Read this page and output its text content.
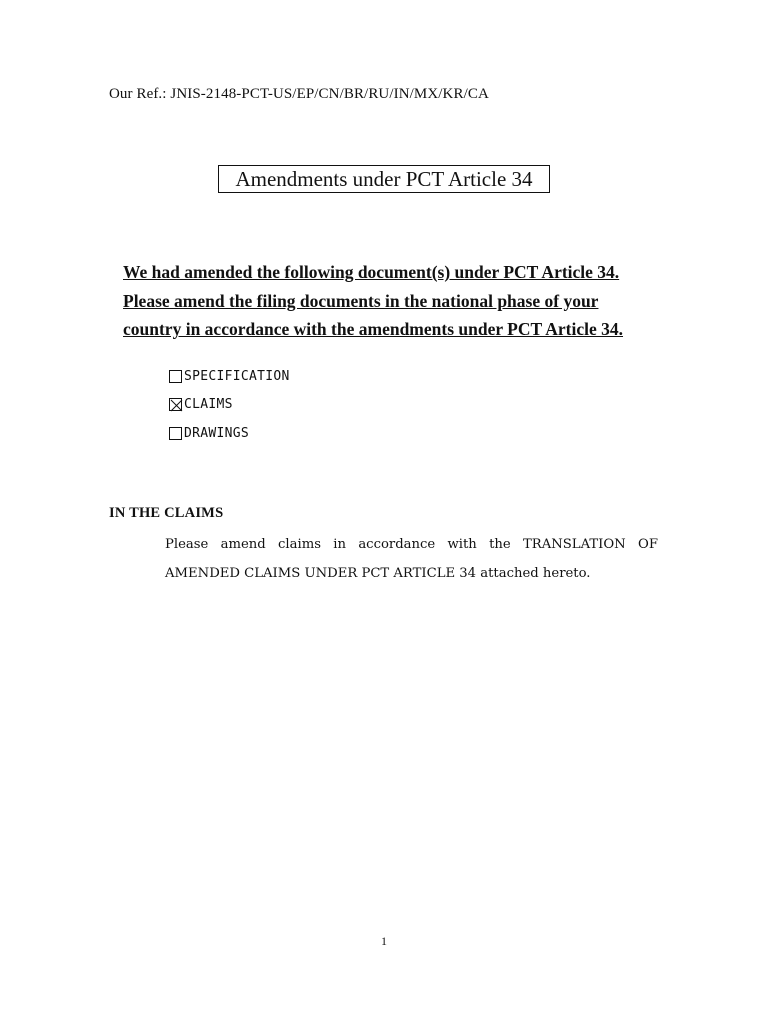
Our Ref.: JNIS-2148-PCT-US/EP/CN/BR/RU/IN/MX/KR/CA
Amendments under PCT Article 34
We had amended the following document(s) under PCT Article 34.
Please amend the filing documents in the national phase of your
country in accordance with the amendments under PCT Article 34.
SPECIFICATION
CLAIMS
DRAWINGS
IN THE CLAIMS
Please amend claims in accordance with the TRANSLATION OF
AMENDED CLAIMS UNDER PCT ARTICLE 34 attached hereto.
1
